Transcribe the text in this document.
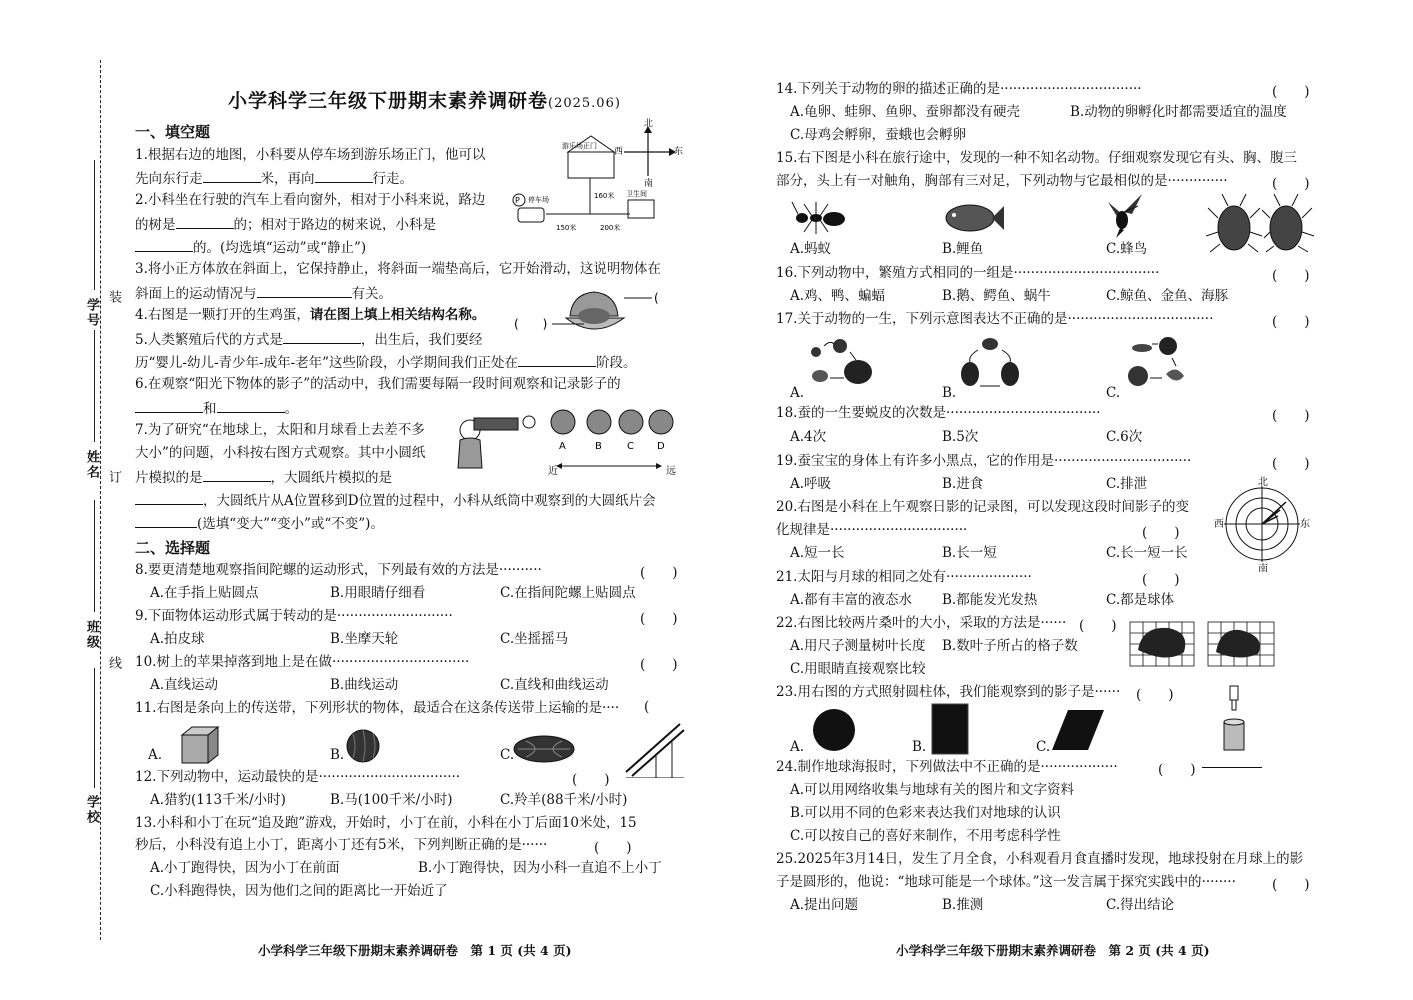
学号
姓名
班级
学校
装
订
线
小学科学三年级下册期末素养调研卷(2025.06)
一、填空题
1.根据右边的地图，小科要从停车场到游乐场正门，他可以
先向东行走	米，再向	行走。
北
南
东
西
游乐场正门
卫生间
160米
150米	200米
P 停车场
2.小科坐在行驶的汽车上看向窗外，相对于小科来说，路边
的树是	的；相对于路边的树来说，小科是
的。(均选填“运动”或“静止”)
3.将小正方体放在斜面上，它保持静止，将斜面一端垫高后，它开始滑动，这说明物体在
斜面上的运动情况与	有关。
4.右图是一颗打开的生鸡蛋，请在图上填上相关结构名称。
(
(　　)
5.人类繁殖后代的方式是	，出生后，我们要经
历“婴儿-幼儿-青少年-成年-老年”这些阶段，小学期间我们正处在	阶段。
6.在观察“阳光下物体的影子”的活动中，我们需要每隔一段时间观察和记录影子的
和	。
7.为了研究“在地球上，太阳和月球看上去差不多
大小”的问题，小科按右图方式观察。其中小圆纸
片模拟的是	，大圆纸片模拟的是
，大圆纸片从A位置移到D位置的过程中，小科从纸筒中观察到的大圆纸片会
(选填“变大”“变小”或“不变”)。
A	B	C D
近	远
二、选择题
8.要更清楚地观察指间陀螺的运动形式，下列最有效的方法是··········	(　　)
A.在手指上贴圆点	B.用眼睛仔细看	C.在指间陀螺上贴圆点
9.下面物体运动形式属于转动的是···························	(　　)
A.拍皮球	B.坐摩天轮	C.坐摇摇马
10.树上的苹果掉落到地上是在做································	(　　)
A.直线运动	B.曲线运动	C.直线和曲线运动
11.右图是条向上的传送带，下列形状的物体，最适合在这条传送带上运输的是···· (
A.	B.	C.
12.下列动物中，运动最快的是·································	(　　)
A.猎豹(113千米/小时)	B.马(100千米/小时)	C.羚羊(88千米/小时)
13.小科和小丁在玩“追及跑”游戏，开始时，小丁在前，小科在小丁后面10米处，15
秒后，小科没有追上小丁，距离小丁还有5米，下列判断正确的是······	(　　)
A.小丁跑得快，因为小丁在前面	B.小丁跑得快，因为小科一直追不上小丁
C.小科跑得快，因为他们之间的距离比一开始近了
小学科学三年级下册期末素养调研卷　第 1 页 (共 4 页)
14.下列关于动物的卵的描述正确的是·································	(　　)
A.龟卵、蛙卵、鱼卵、蚕卵都没有硬壳	B.动物的卵孵化时都需要适宜的温度
C.母鸡会孵卵，蚕蛾也会孵卵
15.右下图是小科在旅行途中，发现的一种不知名动物。仔细观察发现它有头、胸、腹三
部分，头上有一对触角，胸部有三对足，下列动物与它最相似的是··············	(　　)
A.蚂蚁	B.鲤鱼	C.蜂鸟
16.下列动物中，繁殖方式相同的一组是··································	(　　)
A.鸡、鸭、蝙蝠	B.鹅、鳄鱼、蜗牛	C.鲸鱼、金鱼、海豚
17.关于动物的一生，下列示意图表达不正确的是··································	(　　)
A.	B.	C.
18.蚕的一生要蜕皮的次数是····································	(　　)
A.4次	B.5次	C.6次
19.蚕宝宝的身体上有许多小黑点，它的作用是································	(　　)
A.呼吸	B.进食	C.排泄
20.右图是小科在上午观察日影的记录图，可以发现这段时间影子的变
化规律是································	(　　)
A.短一长	B.长一短	C.长一短一长
北
南
东
西
21.太阳与月球的相同之处有····················	(　　)
A.都有丰富的液态水 B.都能发光发热	C.都是球体
22.右图比较两片桑叶的大小，采取的方法是······ (　　)
A.用尺子测量树叶长度 B.数叶子所占的格子数
C.用眼睛直接观察比较
23.用右图的方式照射圆柱体，我们能观察到的影子是······ (　　)
A.	B.	C.
24.制作地球海报时，下列做法中不正确的是··················	(　　)
A.可以用网络收集与地球有关的图片和文字资料
B.可以用不同的色彩来表达我们对地球的认识
C.可以按自己的喜好来制作，不用考虑科学性
25.2025年3月14日，发生了月全食，小科观看月食直播时发现，地球投射在月球上的影
子是圆形的，他说：“地球可能是一个球体。”这一发言属于探究实践中的········	(　　)
A.提出问题	B.推测	C.得出结论
小学科学三年级下册期末素养调研卷　第 2 页 (共 4 页)
